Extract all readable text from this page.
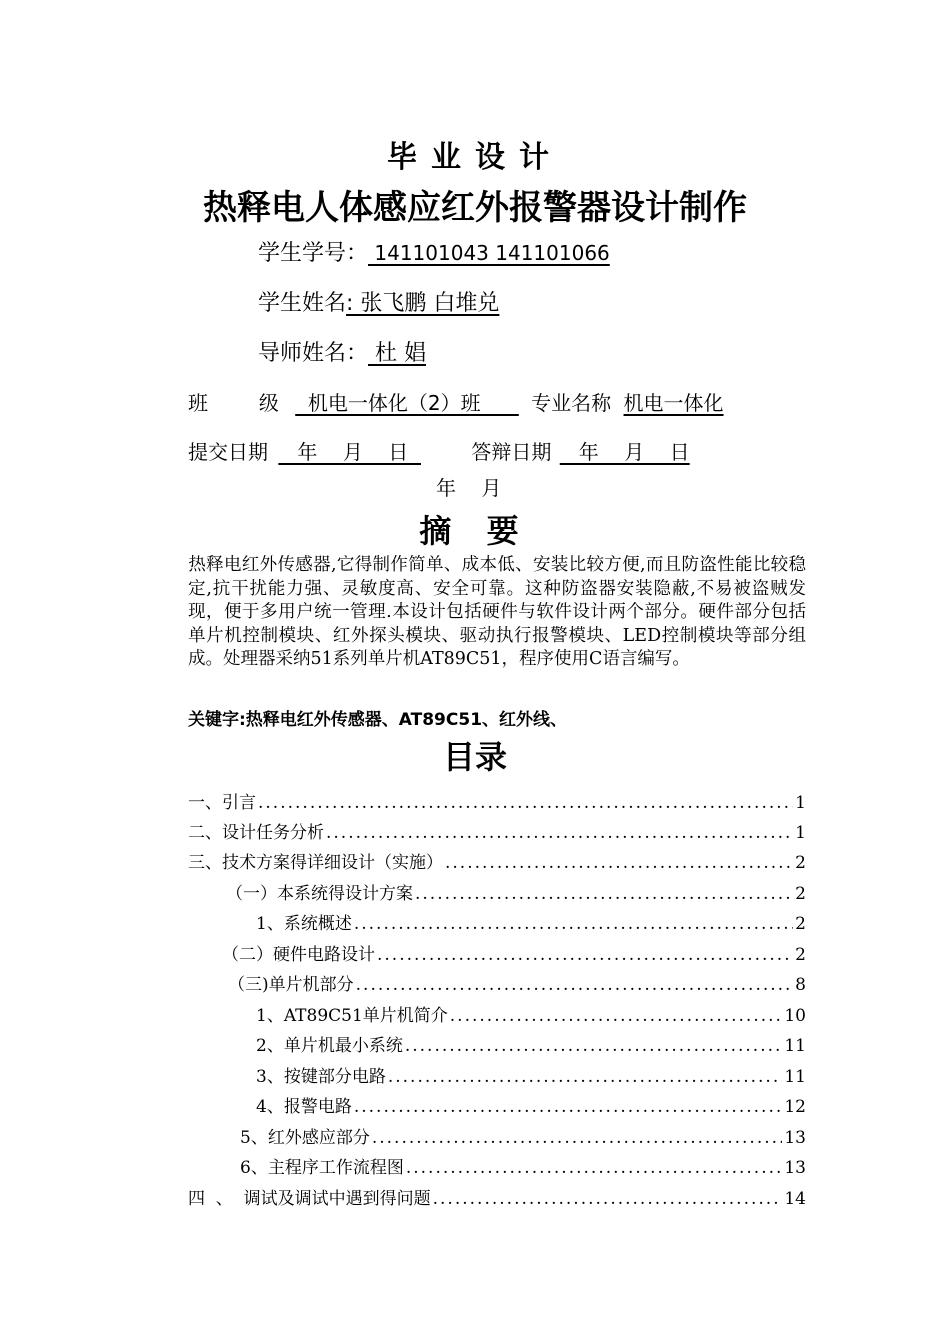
毕业设计
热释电人体感应红外报警器设计制作
学生学号： 141101043 141101066
学生姓名: 张飞鹏 白堆兑
导师姓名： 杜 娼
班        级   机电一体化（2）班       专业名称 机电一体化
提交日期    年    月    日	答辩日期    年    月    日
年    月
摘 要

热释电红外传感器,它得制作简单、成本低、安装比较方便,而且防盗性能比较稳定,抗干扰能力强、灵敏度高、安全可靠。这种防盗器安装隐蔽,不易被盗贼发现，便于多用户统一管理.本设计包括硬件与软件设计两个部分。硬件部分包括单片机控制模块、红外探头模块、驱动执行报警模块、LED控制模块等部分组成。处理器采纳51系列单片机AT89C51，程序使用C语言编写。

关键字:热释电红外传感器、AT89C51、红外线、
目录
一、引言 .....	1
二、设计任务分析 .....	1
三、技术方案得详细设计（实施） .....	2
（一）本系统得设计方案 .....	2
1、系统概述 .....	2
（二）硬件电路设计 .....	2
（三)单片机部分 .....	8
1、AT89C51单片机简介 .....	10
2、单片机最小系统 .....	11
3、按键部分电路 .....	11
4、报警电路 .....	12
5、红外感应部分 .....	13
6、主程序工作流程图 .....	13
四  、  调试及调试中遇到得问题 .....	14
